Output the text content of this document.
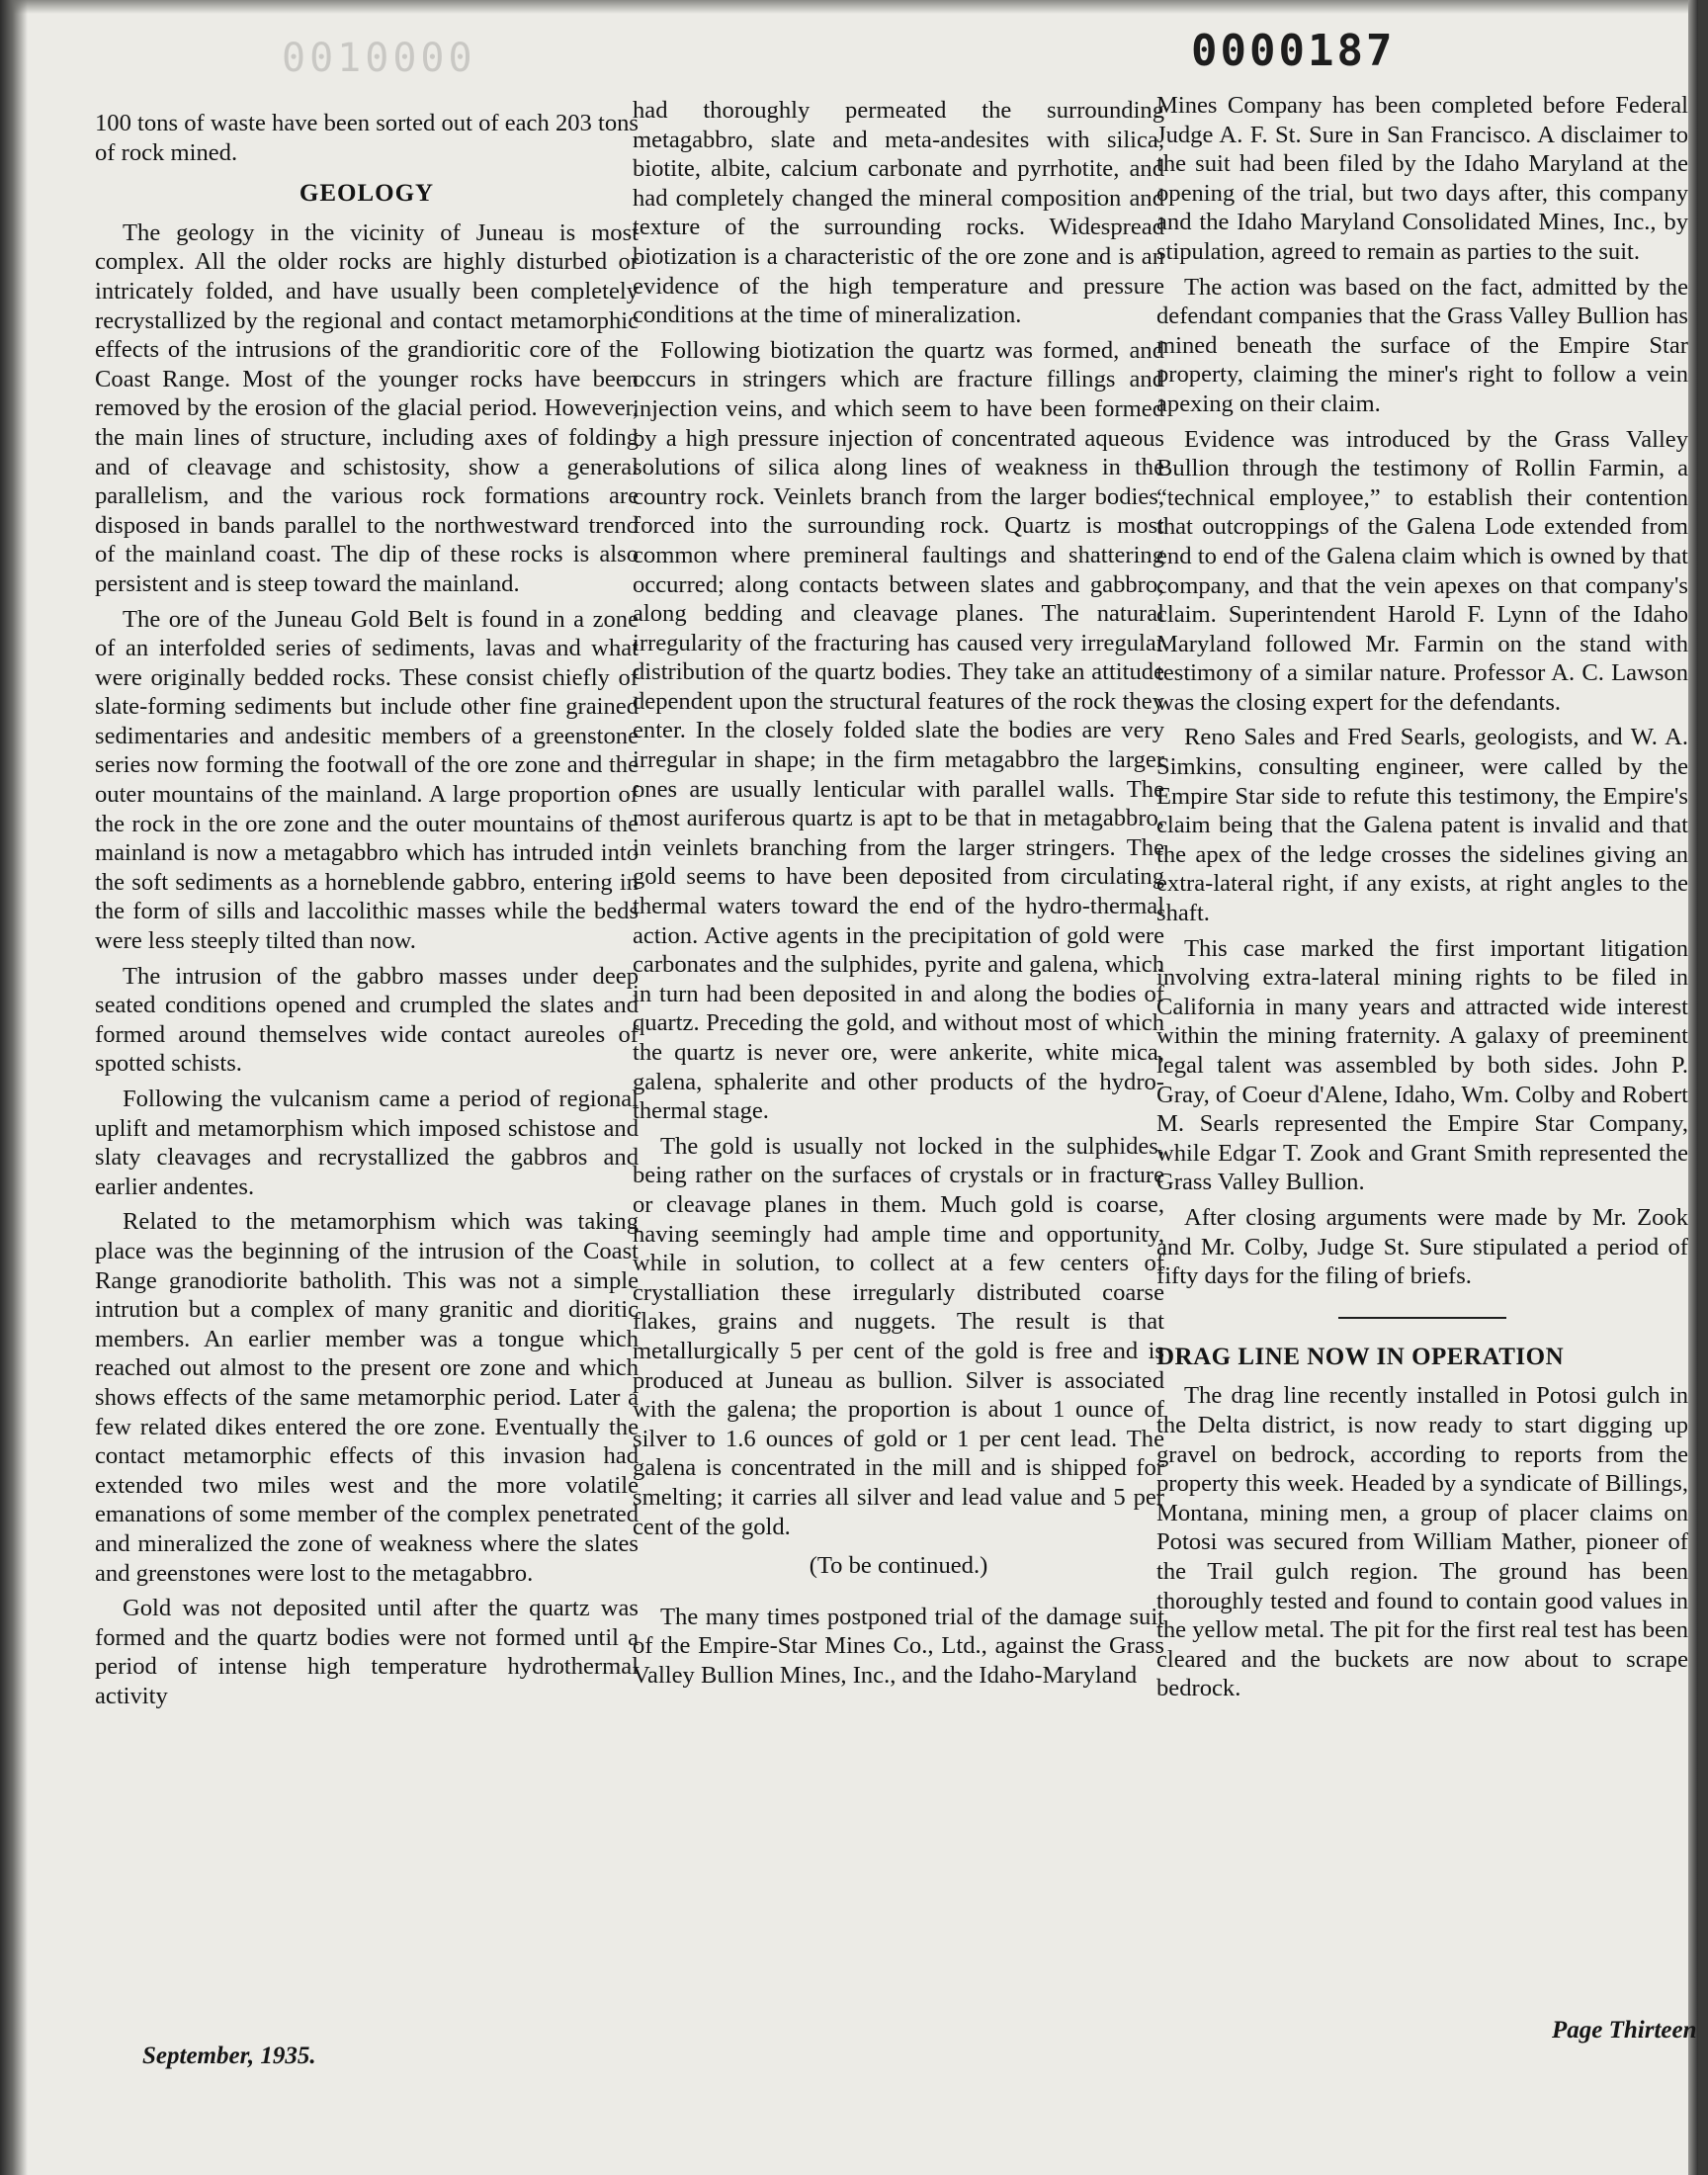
0010000	0000187

100 tons of waste have been sorted out of each 203 tons of rock mined.

GEOLOGY

The geology in the vicinity of Juneau is most complex. All the older rocks are highly disturbed or intricately folded, and have usually been completely recrystallized by the regional and contact metamorphic effects of the intrusions of the grandioritic core of the Coast Range. Most of the younger rocks have been removed by the erosion of the glacial period. However, the main lines of structure, including axes of folding and of cleavage and schistosity, show a general parallelism, and the various rock formations are disposed in bands parallel to the northwestward trend of the mainland coast. The dip of these rocks is also persistent and is steep toward the mainland.

The ore of the Juneau Gold Belt is found in a zone of an interfolded series of sediments, lavas and what were originally bedded rocks. These consist chiefly of slate-forming sediments but include other fine grained sedimentaries and andesitic members of a greenstone series now forming the footwall of the ore zone and the outer mountains of the mainland. A large proportion of the rock in the ore zone and the outer mountains of the mainland is now a metagabbro which has intruded into the soft sediments as a horneblende gabbro, entering in the form of sills and laccolithic masses while the beds were less steeply tilted than now.

The intrusion of the gabbro masses under deep seated conditions opened and crumpled the slates and formed around themselves wide contact aureoles of spotted schists.

Following the vulcanism came a period of regional uplift and metamorphism which imposed schistose and slaty cleavages and recrystallized the gabbros and earlier andentes.

Related to the metamorphism which was taking place was the beginning of the intrusion of the Coast Range granodiorite batholith. This was not a simple intrution but a complex of many granitic and dioritic members. An earlier member was a tongue which reached out almost to the present ore zone and which shows effects of the same metamorphic period. Later a few related dikes entered the ore zone. Eventually the contact metamorphic effects of this invasion had extended two miles west and the more volatile emanations of some member of the complex penetrated and mineralized the zone of weakness where the slates and greenstones were lost to the metagabbro.

Gold was not deposited until after the quartz was formed and the quartz bodies were not formed until a period of intense high temperature hydrothermal activity

had thoroughly permeated the surrounding metagabbro, slate and meta-andesites with silica, biotite, albite, calcium carbonate and pyrrhotite, and had completely changed the mineral composition and texture of the surrounding rocks. Widespread biotization is a characteristic of the ore zone and is an evidence of the high temperature and pressure conditions at the time of mineralization.

Following biotization the quartz was formed, and occurs in stringers which are fracture fillings and injection veins, and which seem to have been formed by a high pressure injection of concentrated aqueous solutions of silica along lines of weakness in the country rock. Veinlets branch from the larger bodies, forced into the surrounding rock. Quartz is most common where premineral faultings and shattering occurred; along contacts between slates and gabbro; along bedding and cleavage planes. The natural irregularity of the fracturing has caused very irregular distribution of the quartz bodies. They take an attitude dependent upon the structural features of the rock they enter. In the closely folded slate the bodies are very irregular in shape; in the firm metagabbro the larger ones are usually lenticular with parallel walls. The most auriferous quartz is apt to be that in metagabbro, in veinlets branching from the larger stringers. The gold seems to have been deposited from circulating thermal waters toward the end of the hydro-thermal action. Active agents in the precipitation of gold were carbonates and the sulphides, pyrite and galena, which in turn had been deposited in and along the bodies of quartz. Preceding the gold, and without most of which the quartz is never ore, were ankerite, white mica, galena, sphalerite and other products of the hydro-thermal stage.

The gold is usually not locked in the sulphides, being rather on the surfaces of crystals or in fracture or cleavage planes in them. Much gold is coarse, having seemingly had ample time and opportunity, while in solution, to collect at a few centers of crystalliation these irregularly distributed coarse flakes, grains and nuggets. The result is that metallurgically 5 per cent of the gold is free and is produced at Juneau as bullion. Silver is associated with the galena; the proportion is about 1 ounce of silver to 1.6 ounces of gold or 1 per cent lead. The galena is concentrated in the mill and is shipped for smelting; it carries all silver and lead value and 5 per cent of the gold.

(To be continued.)

The many times postponed trial of the damage suit of the Empire-Star Mines Co., Ltd., against the Grass Valley Bullion Mines, Inc., and the Idaho-Maryland

Mines Company has been completed before Federal Judge A. F. St. Sure in San Francisco. A disclaimer to the suit had been filed by the Idaho Maryland at the opening of the trial, but two days after, this company and the Idaho Maryland Consolidated Mines, Inc., by stipulation, agreed to remain as parties to the suit.

The action was based on the fact, admitted by the defendant companies that the Grass Valley Bullion has mined beneath the surface of the Empire Star property, claiming the miner's right to follow a vein apexing on their claim.

Evidence was introduced by the Grass Valley Bullion through the testimony of Rollin Farmin, a “technical employee,” to establish their contention that outcroppings of the Galena Lode extended from end to end of the Galena claim which is owned by that company, and that the vein apexes on that company's claim. Superintendent Harold F. Lynn of the Idaho Maryland followed Mr. Farmin on the stand with testimony of a similar nature. Professor A. C. Lawson was the closing expert for the defendants.

Reno Sales and Fred Searls, geologists, and W. A. Simkins, consulting engineer, were called by the Empire Star side to refute this testimony, the Empire's claim being that the Galena patent is invalid and that the apex of the ledge crosses the sidelines giving an extra-lateral right, if any exists, at right angles to the shaft.

This case marked the first important litigation involving extra-lateral mining rights to be filed in California in many years and attracted wide interest within the mining fraternity. A galaxy of preeminent legal talent was assembled by both sides. John P. Gray, of Coeur d'Alene, Idaho, Wm. Colby and Robert M. Searls represented the Empire Star Company, while Edgar T. Zook and Grant Smith represented the Grass Valley Bullion.

After closing arguments were made by Mr. Zook and Mr. Colby, Judge St. Sure stipulated a period of fifty days for the filing of briefs.

DRAG LINE NOW IN OPERATION

The drag line recently installed in Potosi gulch in the Delta district, is now ready to start digging up gravel on bedrock, according to reports from the property this week. Headed by a syndicate of Billings, Montana, mining men, a group of placer claims on Potosi was secured from William Mather, pioneer of the Trail gulch region. The ground has been thoroughly tested and found to contain good values in the yellow metal. The pit for the first real test has been cleared and the buckets are now about to scrape bedrock.

September, 1935.
Page Thirteen
